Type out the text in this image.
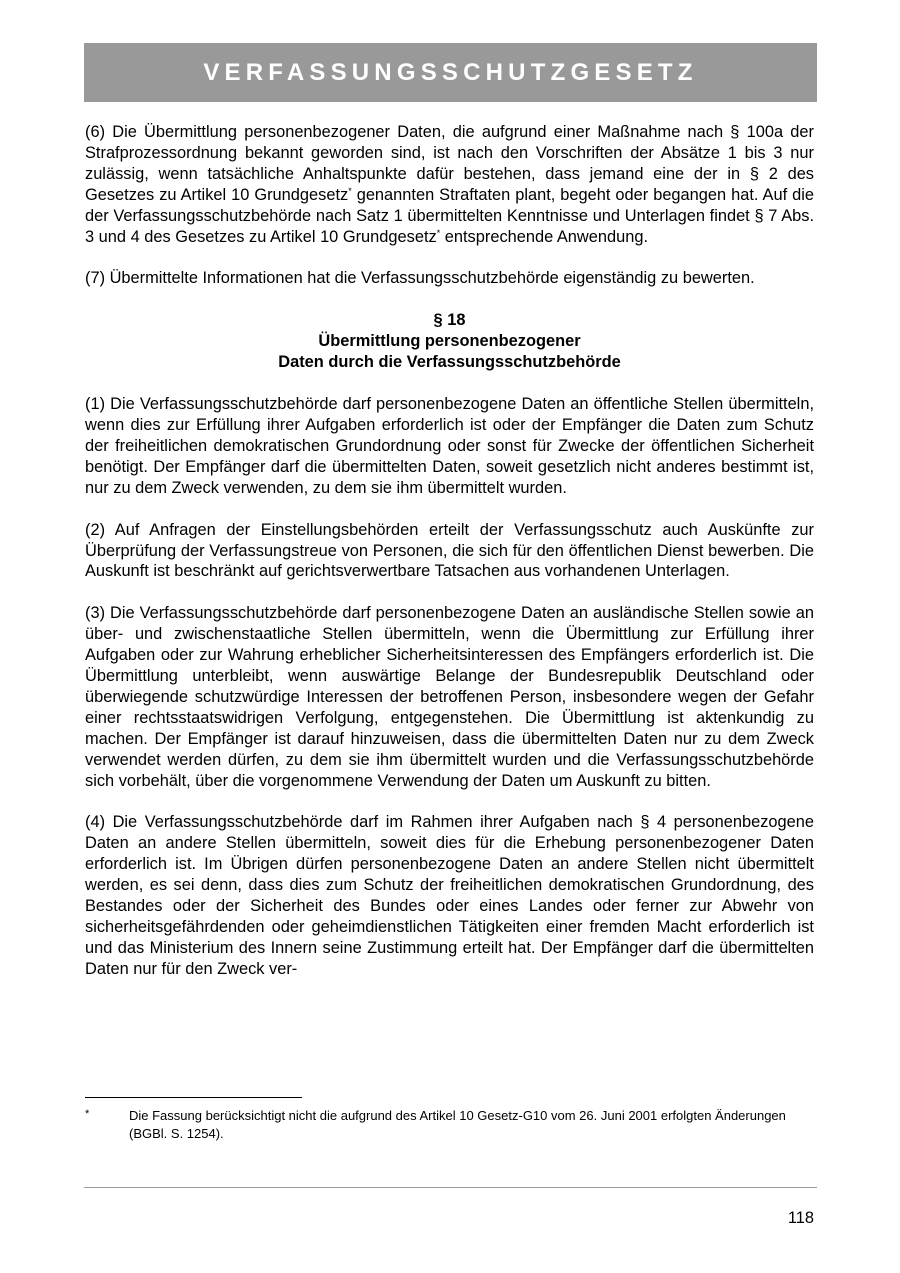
VERFASSUNGSSCHUTZGESETZ

(6) Die Übermittlung personenbezogener Daten, die aufgrund einer Maßnahme nach § 100a der Strafprozessordnung bekannt geworden sind, ist nach den Vorschriften der Absätze 1 bis 3 nur zulässig, wenn tatsächliche Anhaltspunkte dafür bestehen, dass jemand eine der in § 2 des Gesetzes zu Artikel 10 Grundgesetz* genannten Straftaten plant, begeht oder begangen hat. Auf die der Verfassungsschutzbehörde nach Satz 1 übermittelten Kenntnisse und Unterlagen findet § 7 Abs. 3 und 4 des Gesetzes zu Artikel 10 Grundgesetz* entsprechende Anwendung.

(7) Übermittelte Informationen hat die Verfassungsschutzbehörde eigenständig zu bewerten.

§ 18
Übermittlung personenbezogener
Daten durch die Verfassungsschutzbehörde

(1) Die Verfassungsschutzbehörde darf personenbezogene Daten an öffentliche Stellen übermitteln, wenn dies zur Erfüllung ihrer Aufgaben erforderlich ist oder der Empfänger die Daten zum Schutz der freiheitlichen demokratischen Grundordnung oder sonst für Zwecke der öffentlichen Sicherheit benötigt. Der Empfänger darf die übermittelten Daten, soweit gesetzlich nicht anderes bestimmt ist, nur zu dem Zweck verwenden, zu dem sie ihm übermittelt wurden.

(2) Auf Anfragen der Einstellungsbehörden erteilt der Verfassungsschutz auch Auskünfte zur Überprüfung der Verfassungstreue von Personen, die sich für den öffentlichen Dienst bewerben. Die Auskunft ist beschränkt auf gerichtsverwertbare Tatsachen aus vorhandenen Unterlagen.

(3) Die Verfassungsschutzbehörde darf personenbezogene Daten an ausländische Stellen sowie an über- und zwischenstaatliche Stellen übermitteln, wenn die Übermittlung zur Erfüllung ihrer Aufgaben oder zur Wahrung erheblicher Sicherheitsinteressen des Empfängers erforderlich ist. Die Übermittlung unterbleibt, wenn auswärtige Belange der Bundesrepublik Deutschland oder überwiegende schutzwürdige Interessen der betroffenen Person, insbesondere wegen der Gefahr einer rechtsstaatswidrigen Verfolgung, entgegenstehen. Die Übermittlung ist aktenkundig zu machen. Der Empfänger ist darauf hinzuweisen, dass die übermittelten Daten nur zu dem Zweck verwendet werden dürfen, zu dem sie ihm übermittelt wurden und die Verfassungsschutzbehörde sich vorbehält, über die vorgenommene Verwendung der Daten um Auskunft zu bitten.

(4) Die Verfassungsschutzbehörde darf im Rahmen ihrer Aufgaben nach § 4 personenbezogene Daten an andere Stellen übermitteln, soweit dies für die Erhebung personenbezogener Daten erforderlich ist. Im Übrigen dürfen personenbezogene Daten an andere Stellen nicht übermittelt werden, es sei denn, dass dies zum Schutz der freiheitlichen demokratischen Grundordnung, des Bestandes oder der Sicherheit des Bundes oder eines Landes oder ferner zur Abwehr von sicherheitsgefährdenden oder geheimdienstlichen Tätigkeiten einer fremden Macht erforderlich ist und das Ministerium des Innern seine Zustimmung erteilt hat. Der Empfänger darf die übermittelten Daten nur für den Zweck ver-

*	Die Fassung berücksichtigt nicht die aufgrund des Artikel 10 Gesetz-G10 vom 26. Juni 2001 erfolgten Änderungen (BGBl. S. 1254).
118
